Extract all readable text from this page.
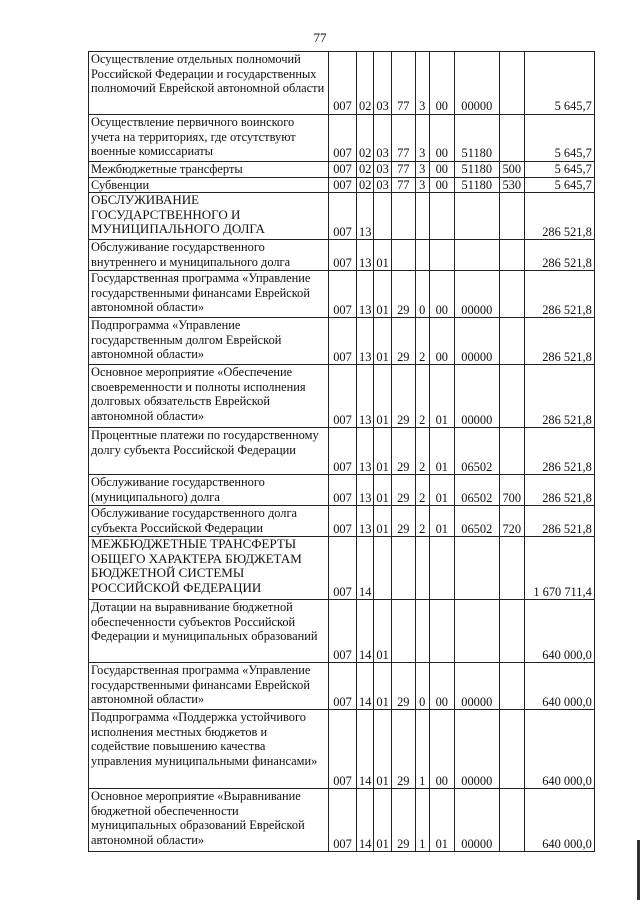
77
Осуществление отдельных полномочий Российской Федерации и государственных полномочий Еврейской автономной области	007	02	03	77	3	00	00000		5 645,7
Осуществление первичного воинского учета на территориях, где отсутствуют военные комиссариаты	007	02	03	77	3	00	51180		5 645,7
Межбюджетные трансферты	007	02	03	77	3	00	51180	500	5 645,7
Субвенции	007	02	03	77	3	00	51180	530	5 645,7
ОБСЛУЖИВАНИЕ ГОСУДАРСТВЕННОГО И МУНИЦИПАЛЬНОГО ДОЛГА	007	13							286 521,8
Обслуживание государственного внутреннего и муниципального долга	007	13	01						286 521,8
Государственная программа «Управление государственными финансами Еврейской автономной области»	007	13	01	29	0	00	00000		286 521,8
Подпрограмма «Управление государственным долгом Еврейской автономной области»	007	13	01	29	2	00	00000		286 521,8
Основное мероприятие «Обеспечение своевременности и полноты исполнения долговых обязательств Еврейской автономной области»	007	13	01	29	2	01	00000		286 521,8
Процентные платежи по государственному долгу субъекта Российской Федерации	007	13	01	29	2	01	06502		286 521,8
Обслуживание государственного (муниципального) долга	007	13	01	29	2	01	06502	700	286 521,8
Обслуживание государственного долга субъекта Российской Федерации	007	13	01	29	2	01	06502	720	286 521,8
МЕЖБЮДЖЕТНЫЕ ТРАНСФЕРТЫ ОБЩЕГО ХАРАКТЕРА БЮДЖЕТАМ БЮДЖЕТНОЙ СИСТЕМЫ РОССИЙСКОЙ ФЕДЕРАЦИИ	007	14							1 670 711,4
Дотации на выравнивание бюджетной обеспеченности субъектов Российской Федерации и муниципальных образований	007	14	01						640 000,0
Государственная программа «Управление государственными финансами Еврейской автономной области»	007	14	01	29	0	00	00000		640 000,0
Подпрограмма «Поддержка устойчивого исполнения местных бюджетов и содействие повышению качества управления муниципальными финансами»	007	14	01	29	1	00	00000		640 000,0
Основное мероприятие «Выравнивание бюджетной обеспеченности муниципальных образований Еврейской автономной области»	007	14	01	29	1	01	00000		640 000,0
